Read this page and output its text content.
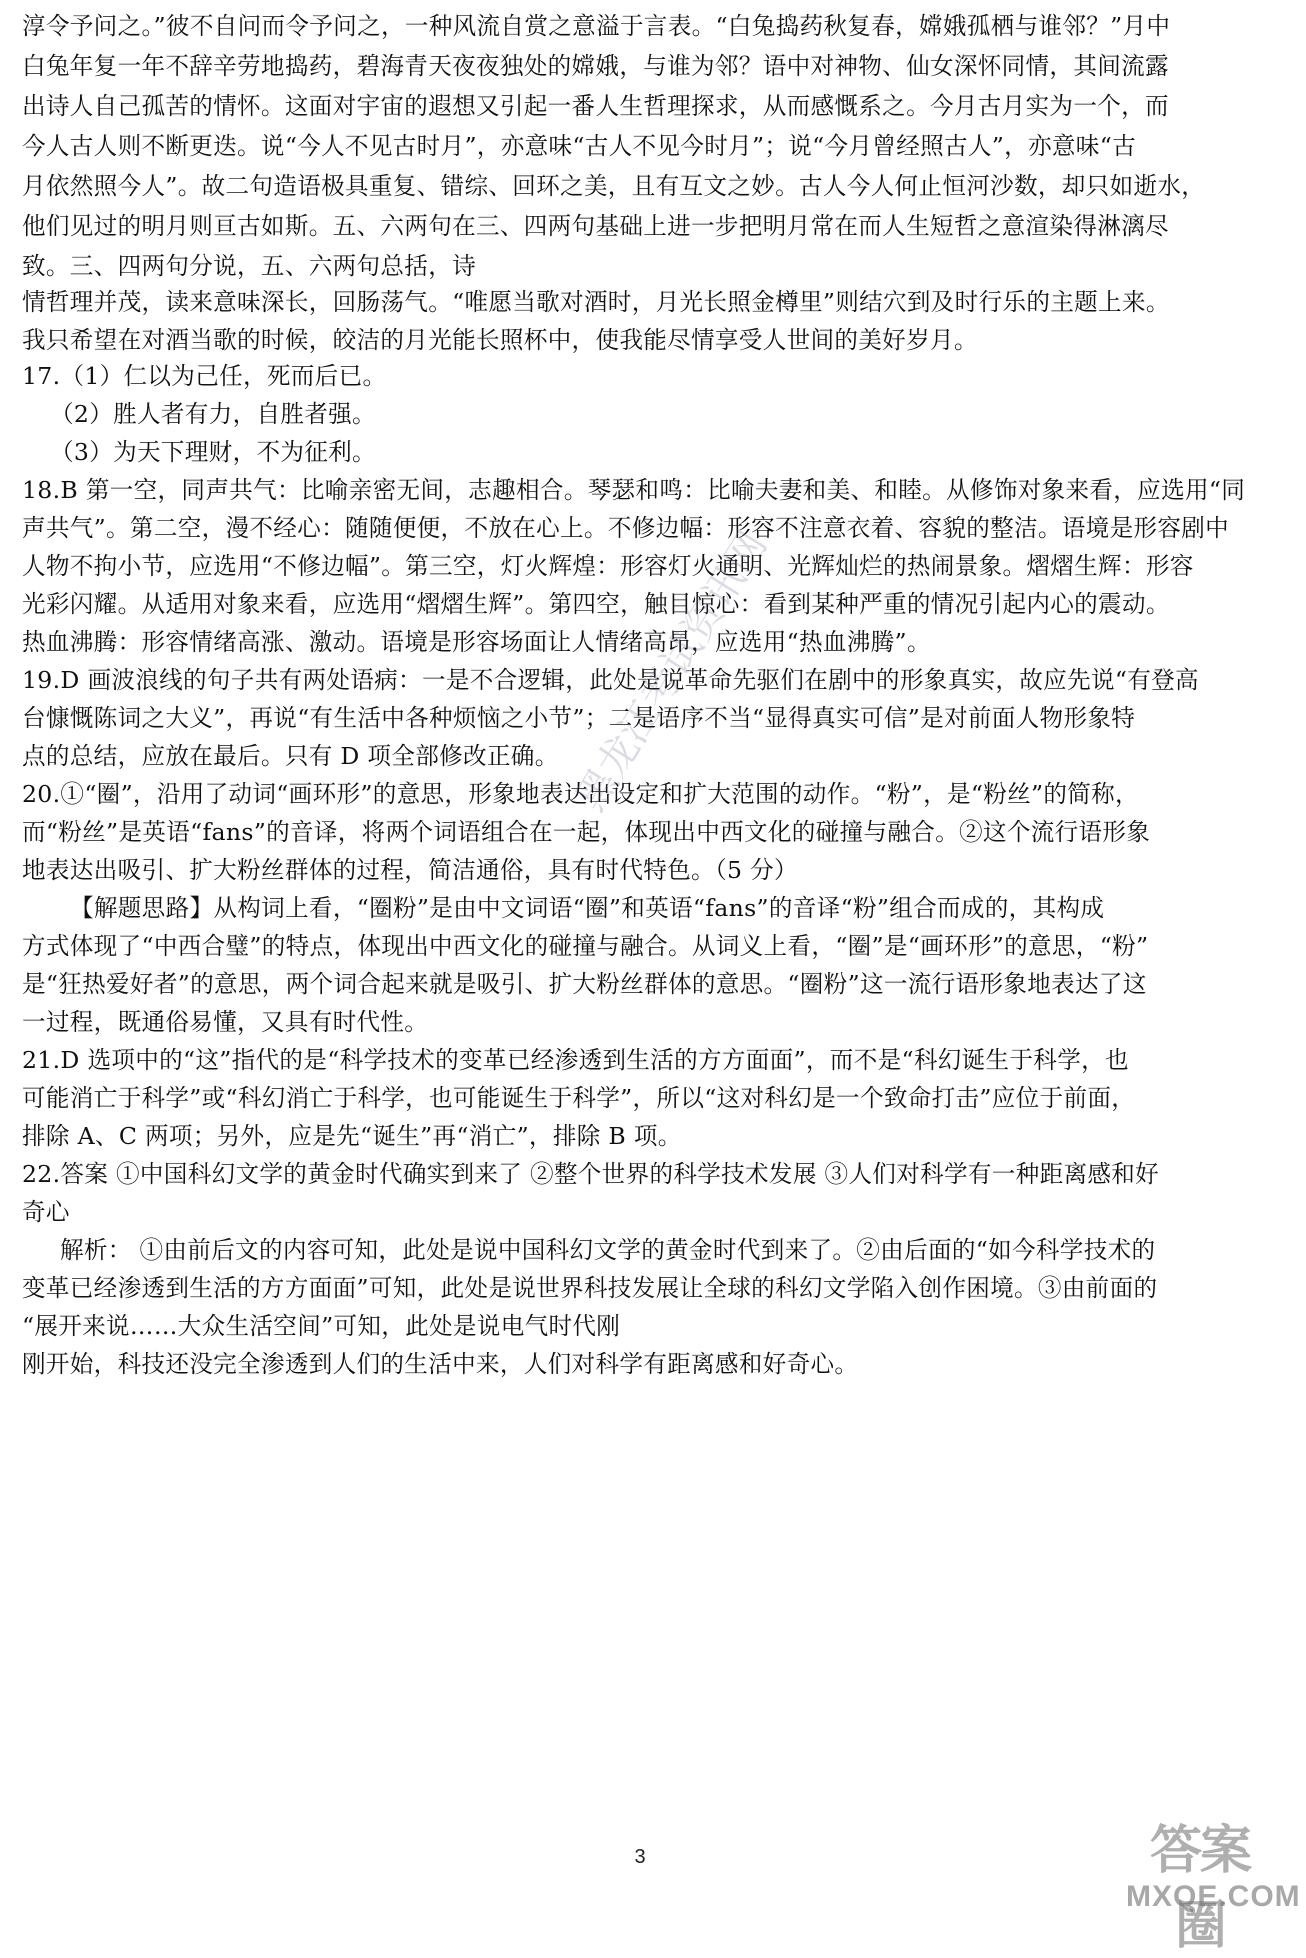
淳令予问之。”彼不自问而令予问之，一种风流自赏之意溢于言表。“白兔捣药秋复春，嫦娥孤栖与谁邻？”月中
白兔年复一年不辞辛劳地捣药，碧海青天夜夜独处的嫦娥，与谁为邻？语中对神物、仙女深怀同情，其间流露
出诗人自己孤苦的情怀。这面对宇宙的遐想又引起一番人生哲理探求，从而感慨系之。今月古月实为一个，而
今人古人则不断更迭。说“今人不见古时月”，亦意味“古人不见今时月”；说“今月曾经照古人”，亦意味“古
月依然照今人”。故二句造语极具重复、错综、回环之美，且有互文之妙。古人今人何止恒河沙数，却只如逝水，
他们见过的明月则亘古如斯。五、六两句在三、四两句基础上进一步把明月常在而人生短哲之意渲染得淋漓尽
致。三、四两句分说，五、六两句总括，诗
情哲理并茂，读来意味深长，回肠荡气。“唯愿当歌对酒时，月光长照金樽里”则结穴到及时行乐的主题上来。
我只希望在对酒当歌的时候，皎洁的月光能长照杯中，使我能尽情享受人世间的美好岁月。
17.（1）仁以为己任，死而后已。
（2）胜人者有力，自胜者强。
（3）为天下理财，不为征利。
18.B 第一空，同声共气：比喻亲密无间，志趣相合。琴瑟和鸣：比喻夫妻和美、和睦。从修饰对象来看，应选用“同
声共气”。第二空，漫不经心：随随便便，不放在心上。不修边幅：形容不注意衣着、容貌的整洁。语境是形容剧中
人物不拘小节，应选用“不修边幅”。第三空，灯火辉煌：形容灯火通明、光辉灿烂的热闹景象。熠熠生辉：形容
光彩闪耀。从适用对象来看，应选用“熠熠生辉”。第四空，触目惊心：看到某种严重的情况引起内心的震动。
热血沸腾：形容情绪高涨、激动。语境是形容场面让人情绪高昂，应选用“热血沸腾”。
19.D 画波浪线的句子共有两处语病：一是不合逻辑，此处是说革命先驱们在剧中的形象真实，故应先说“有登高
台慷慨陈词之大义”，再说“有生活中各种烦恼之小节”；二是语序不当“显得真实可信”是对前面人物形象特
点的总结，应放在最后。只有 D 项全部修改正确。
20.①“圈”，沿用了动词“画环形”的意思，形象地表达出设定和扩大范围的动作。“粉”，是“粉丝”的简称，
而“粉丝”是英语“fans”的音译，将两个词语组合在一起，体现出中西文化的碰撞与融合。②这个流行语形象
地表达出吸引、扩大粉丝群体的过程，简洁通俗，具有时代特色。（5 分）
【解题思路】从构词上看，“圈粉”是由中文词语“圈”和英语“fans”的音译“粉”组合而成的，其构成
方式体现了“中西合璧”的特点，体现出中西文化的碰撞与融合。从词义上看，“圈”是“画环形”的意思，“粉”
是“狂热爱好者”的意思，两个词合起来就是吸引、扩大粉丝群体的意思。“圈粉”这一流行语形象地表达了这
一过程，既通俗易懂，又具有时代性。
21.D 选项中的“这”指代的是“科学技术的变革已经渗透到生活的方方面面”，而不是“科幻诞生于科学，也
可能消亡于科学”或“科幻消亡于科学，也可能诞生于科学”，所以“这对科幻是一个致命打击”应位于前面，
排除 A、C 两项；另外，应是先“诞生”再“消亡”，排除 B 项。
22.答案 ①中国科幻文学的黄金时代确实到来了 ②整个世界的科学技术发展 ③人们对科学有一种距离感和好
奇心
解析： ①由前后文的内容可知，此处是说中国科幻文学的黄金时代到来了。②由后面的“如今科学技术的
变革已经渗透到生活的方方面面”可知，此处是说世界科技发展让全球的科幻文学陷入创作困境。③由前面的
“展开来说……大众生活空间”可知，此处是说电气时代刚
刚开始，科技还没完全渗透到人们的生活中来，人们对科学有距离感和好奇心。
黑龙江考试资讯网
3	答案圈
MXQE.COM
